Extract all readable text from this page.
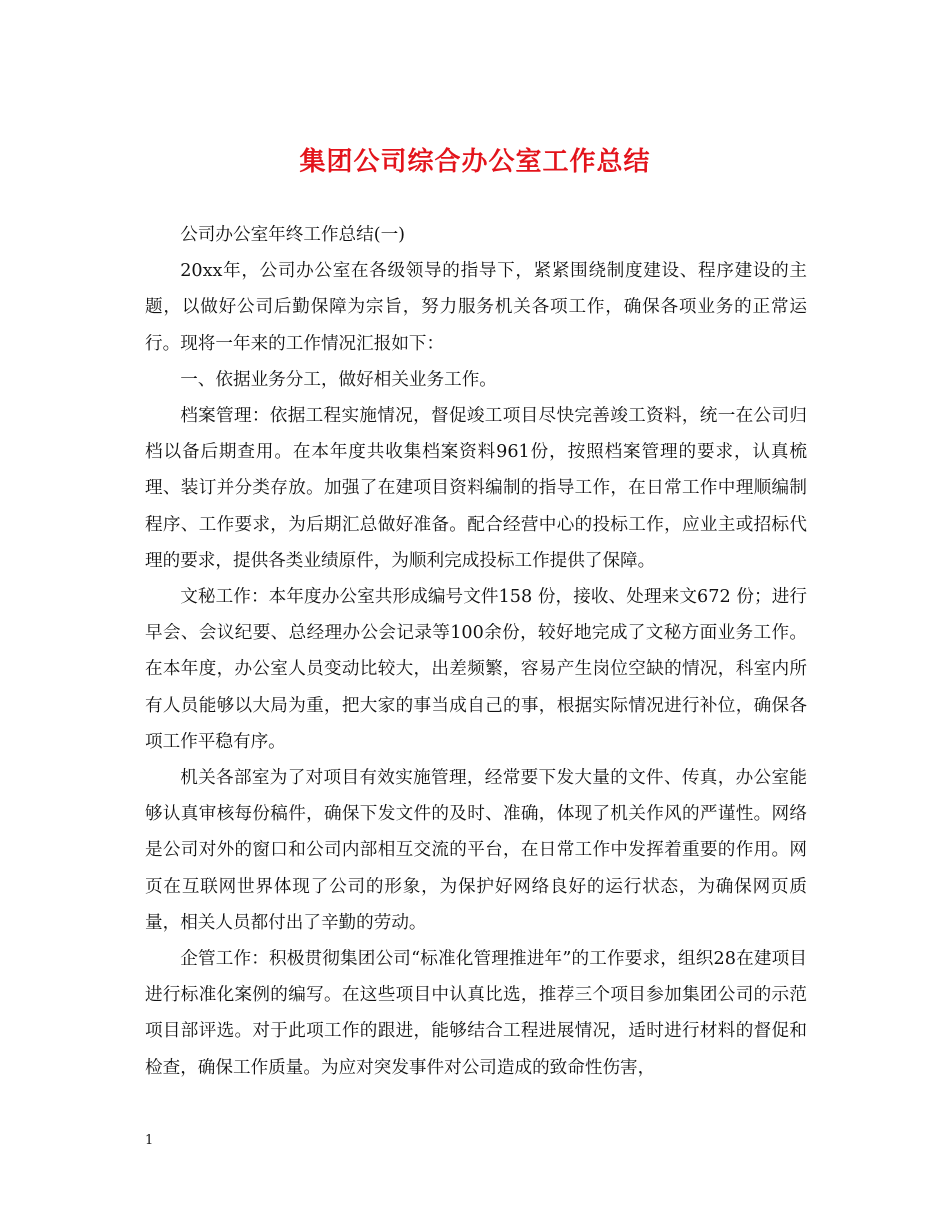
集团公司综合办公室工作总结

公司办公室年终工作总结(一)

20xx年，公司办公室在各级领导的指导下，紧紧围绕制度建设、程序建设的主题，以做好公司后勤保障为宗旨，努力服务机关各项工作，确保各项业务的正常运行。现将一年来的工作情况汇报如下：

一、依据业务分工，做好相关业务工作。

档案管理：依据工程实施情况，督促竣工项目尽快完善竣工资料，统一在公司归档以备后期查用。在本年度共收集档案资料961份，按照档案管理的要求，认真梳理、装订并分类存放。加强了在建项目资料编制的指导工作，在日常工作中理顺编制程序、工作要求，为后期汇总做好准备。配合经营中心的投标工作，应业主或招标代理的要求，提供各类业绩原件，为顺利完成投标工作提供了保障。

文秘工作：本年度办公室共形成编号文件158 份，接收、处理来文672 份；进行早会、会议纪要、总经理办公会记录等100余份，较好地完成了文秘方面业务工作。在本年度，办公室人员变动比较大，出差频繁，容易产生岗位空缺的情况，科室内所有人员能够以大局为重，把大家的事当成自己的事，根据实际情况进行补位，确保各项工作平稳有序。

机关各部室为了对项目有效实施管理，经常要下发大量的文件、传真，办公室能够认真审核每份稿件，确保下发文件的及时、准确，体现了机关作风的严谨性。网络是公司对外的窗口和公司内部相互交流的平台，在日常工作中发挥着重要的作用。网页在互联网世界体现了公司的形象，为保护好网络良好的运行状态，为确保网页质量，相关人员都付出了辛勤的劳动。

企管工作：积极贯彻集团公司“标准化管理推进年”的工作要求，组织28在建项目进行标准化案例的编写。在这些项目中认真比选，推荐三个项目参加集团公司的示范项目部评选。对于此项工作的跟进，能够结合工程进展情况，适时进行材料的督促和检查，确保工作质量。为应对突发事件对公司造成的致命性伤害，

1
